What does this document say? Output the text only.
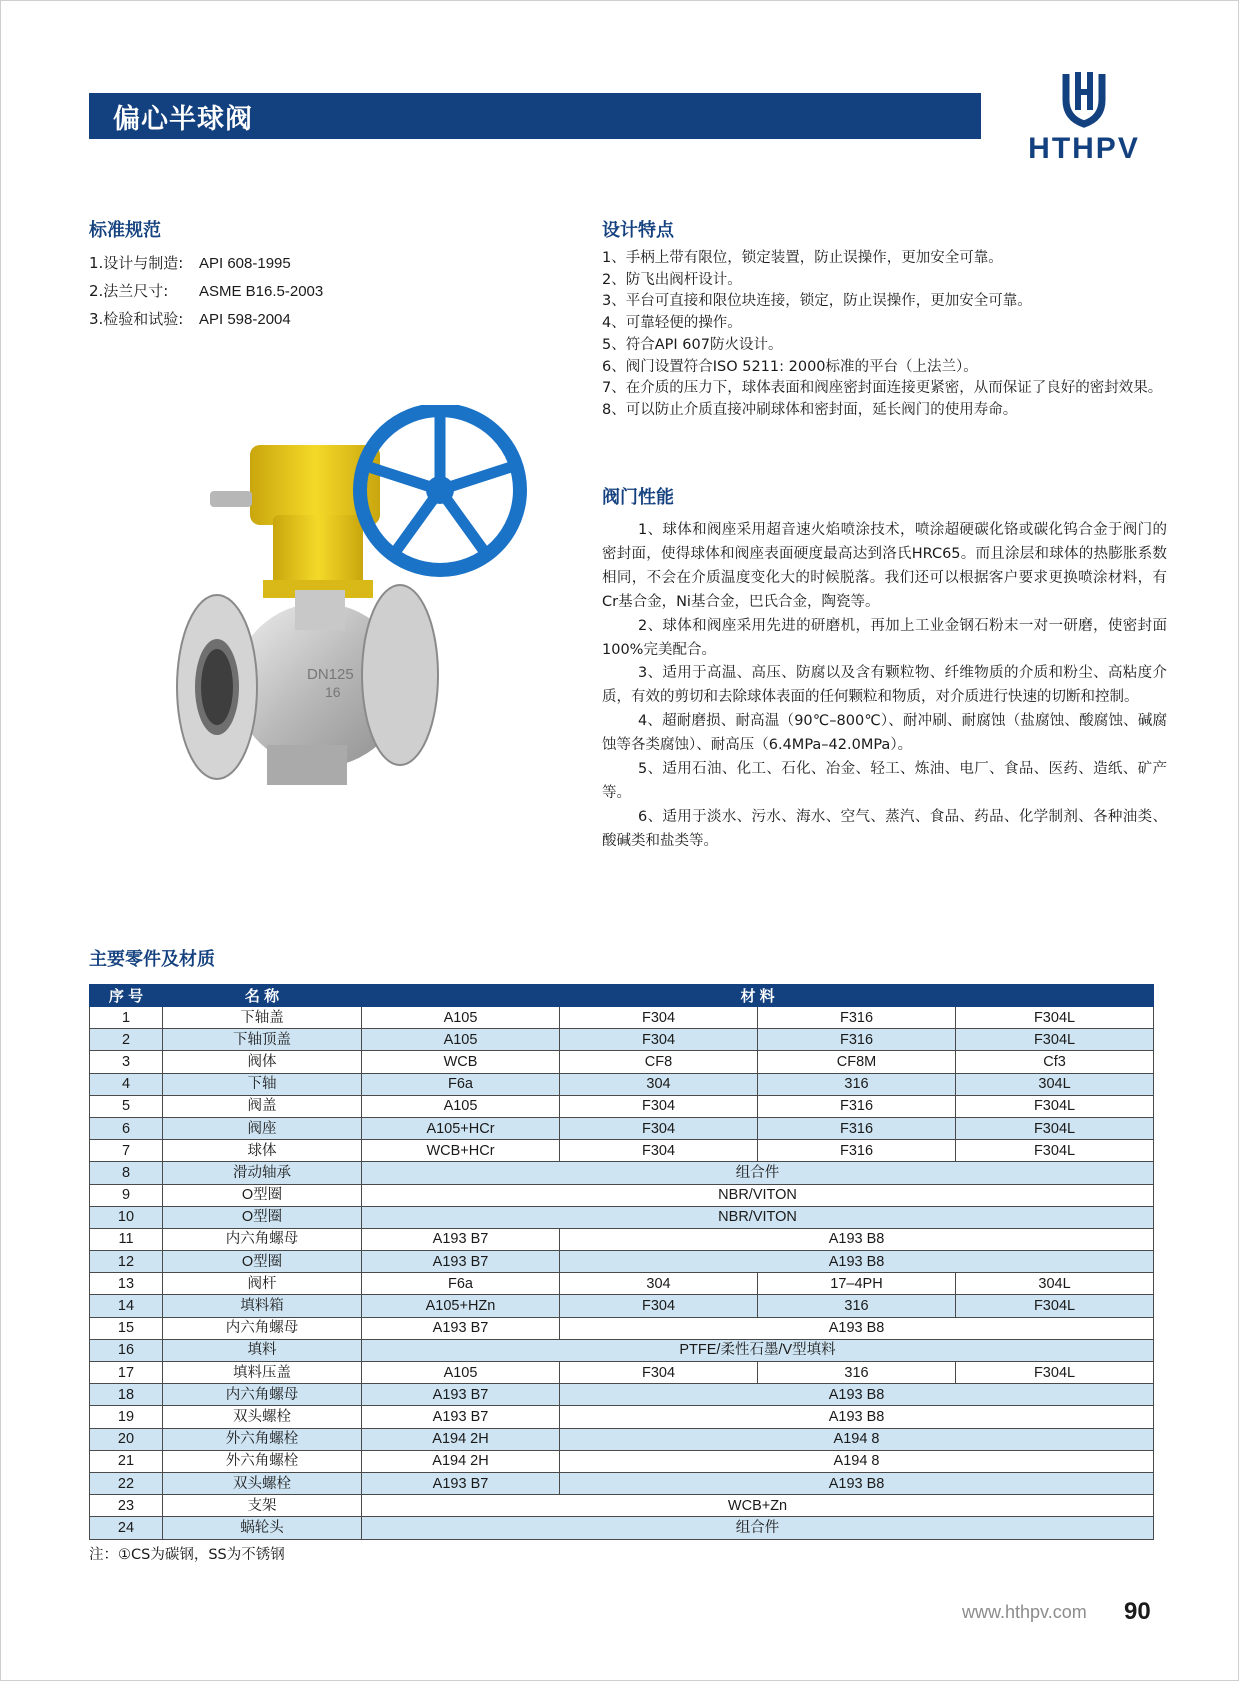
偏心半球阀
HTHPV
标准规范
1.设计与制造: API 608-1995
2.法兰尺寸: ASME B16.5-2003
3.检验和试验: API 598-2004
设计特点
1、手柄上带有限位，锁定装置，防止误操作，更加安全可靠。
2、防飞出阀杆设计。
3、平台可直接和限位块连接，锁定，防止误操作，更加安全可靠。
4、可靠轻便的操作。
5、符合API 607防火设计。
6、阀门设置符合ISO 5211: 2000标准的平台（上法兰）。
7、在介质的压力下，球体表面和阀座密封面连接更紧密，从而保证了良好的密封效果。
8、可以防止介质直接冲刷球体和密封面，延长阀门的使用寿命。
阀门性能

1、球体和阀座采用超音速火焰喷涂技术，喷涂超硬碳化铬或碳化钨合金于阀门的密封面，使得球体和阀座表面硬度最高达到洛氏HRC65。而且涂层和球体的热膨胀系数相同，不会在介质温度变化大的时候脱落。我们还可以根据客户要求更换喷涂材料，有Cr基合金，Ni基合金，巴氏合金，陶瓷等。

2、球体和阀座采用先进的研磨机，再加上工业金钢石粉末一对一研磨，使密封面100%完美配合。

3、适用于高温、高压、防腐以及含有颗粒物、纤维物质的介质和粉尘、高粘度介质，有效的剪切和去除球体表面的任何颗粒和物质，对介质进行快速的切断和控制。

4、超耐磨损、耐高温（90℃–800℃）、耐冲刷、耐腐蚀（盐腐蚀、酸腐蚀、碱腐蚀等各类腐蚀）、耐高压（6.4MPa–42.0MPa）。

5、适用石油、化工、石化、冶金、轻工、炼油、电厂、食品、医药、造纸、矿产等。

6、适用于淡水、污水、海水、空气、蒸汽、食品、药品、化学制剂、各种油类、酸碱类和盐类等。

DN125
16
主要零件及材质
序 号	名 称	材 料			
1	下轴盖	A105	F304	F316	F304L
2	下轴顶盖	A105	F304	F316	F304L
3	阀体	WCB	CF8	CF8M	Cf3
4	下轴	F6a	304	316	304L
5	阀盖	A105	F304	F316	F304L
6	阀座	A105+HCr	F304	F316	F304L
7	球体	WCB+HCr	F304	F316	F304L
8	滑动轴承	组合件			
9	O型圈	NBR/VITON			
10	O型圈	NBR/VITON			
11	内六角螺母	A193 B7	A193 B8		
12	O型圈	A193 B7	A193 B8		
13	阀杆	F6a	304	17–4PH	304L
14	填料箱	A105+HZn	F304	316	F304L
15	内六角螺母	A193 B7	A193 B8		
16	填料	PTFE/柔性石墨/V型填料			
17	填料压盖	A105	F304	316	F304L
18	内六角螺母	A193 B7	A193 B8		
19	双头螺栓	A193 B7	A193 B8		
20	外六角螺栓	A194 2H	A194 8		
21	外六角螺栓	A194 2H	A194 8		
22	双头螺栓	A193 B7	A193 B8		
23	支架	WCB+Zn			
24	蜗轮头	组合件			
注：①CS为碳钢，SS为不锈钢
www.hthpv.com 90
